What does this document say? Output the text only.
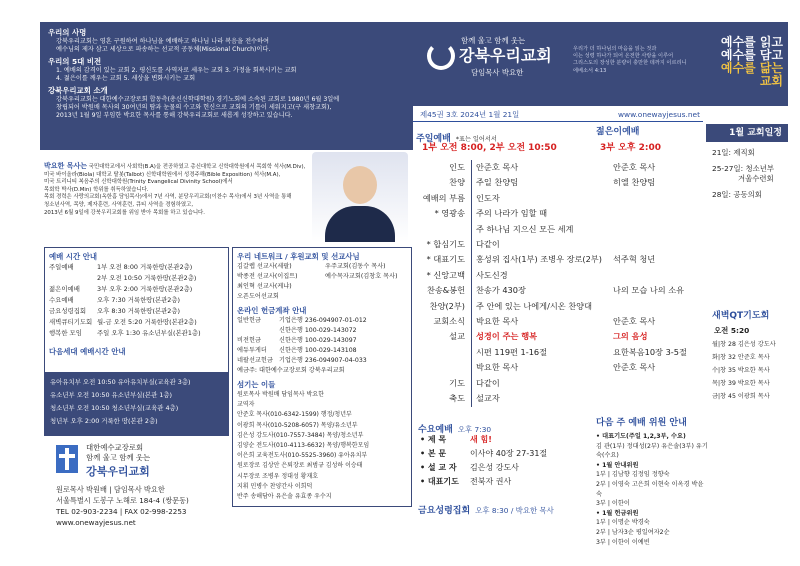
우리의 사명
강북우리교회는 영혼 구원하여 하나님을 예배하고 하나님 나라 복음을 전수하여
예수님의 제자 삼고 세상으로 파송하는 선교적 공동체(Missional Church)이다.
우리의 5대 비전
1. 예배의 감격이 있는 교회 2. 평신도를 사역자로 세우는 교회 3. 가정을 회복시키는 교회
4. 젊은이를 깨우는 교회 5. 세상을 변화시키는 교회
강북우리교회 소개
강북우리교회는 대한예수교장로회 합동측(총신신학대학원) 경기노회에 소속된 교회로 1980년 6월 3일에
창립되어 박원배 목사의 30여년의 땀과 눈물의 수고와 헌신으로 교회의 기틀이 세워지고(구 새창교회),
2013년 1월 9일 부임한 박요한 목사를 통해 강북우리교회로 새롭게 성장하고 있습니다.
함께 울고 함께 웃는
강북우리교회
담임목사 박요한
우리가 더 하나님의 마음을 읽는 것과
이는 성령 하나가 되어 온전한 사랑을 이루어
그리스도의 장성한 분량이 충만한 데까지 이르리니
에베소서 4:13
예수를 읽고
예수를 담고
예수를 닮는
교회
제45권 3호 2024년 1월 21일	www.onewayjesus.net
1월 교회일정
21일: 제직회
25-27일: 청소년부
겨울수련회
28일: 공동의회
박요한 목사는 국민대학교에서 사회학(B.A)을 전공하였고 총신대학교 신학대학원에서 목회학 석사(M.Div),
미국 바이올라(Biola) 대학교 탈봇(Talbot) 신학대학원에서 성경주해(Bible Exposition) 석사(M.A),
미국 트리니티 복음주의 신학대학원(Trinity Evangelical Divinity School)에서
목회학 박사(D.Min) 학위를 취득하였습니다.
목회 경력은 사랑의교회(옥한흠 담임목사)에서 7년 사역, 분당우리교회(이찬수 목사)에서 3년 사역을 통해
청소년사역, 목양, 제자훈련, 사역훈련, 큐티 사역을 경험하였고,
2013년 6월 9일에 강북우리교회를 위임 받아 목회를 하고 있습니다.
예배 시간 안내
주일예배	1부 오전 8:00 거룩한땅(본관2층)
2부 오전 10:50 거룩한땅(본관2층)
젊은이예배	3부 오후 2:00 거룩한땅(본관2층)
수요예배	오후 7:30 거룩한땅(본관2층)
금요성령집회	오후 8:30 거룩한땅(본관2층)
새벽큐티기도회 월-금 오전 5:20 거룩한땅(본관2층)
행복한 모임	주일 오후 1:30 유소년부실(본관1층)
다음세대 예배시간 안내
유아유치부 오전 10:50 유아유치부실(교육관 3층)
유소년부 오전 10:50 유소년부실(본관 1층)
청소년부 오전 10:50 청소년부실(교육관 4층)
청년부 오후 2:00 거룩한 땅(본관 2층)
대한예수교장로회
함께 울고 함께 웃는
강북우리교회
원로목사 박원배 | 담임목사 박요한
서울특별시 도봉구 노해로 184-4 (쌍문동)
TEL 02-903-2234 | FAX 02-998-2253
www.onewayjesus.net
우리 네트워크 / 후원교회 및 선교사님
김갈렙 선교사(세팔)	우주교회(김동수 목사)
박종전 선교사(이집트)	예수목자교회(김창호 목사)
최인혁 선교사(케냐)
오픈도어선교회
온라인 헌금계좌 안내
일반헌금	기업은행 236-094907-01-012
신한은행 100-029-143072
비전헌금	신한은행 100-029-143097
에듀투게더	신한은행 100-029-143108
네팔선교헌금 기업은행 236-094907-04-033
예금주: 대한예수교장로회 강북우리교회
섬기는 이들
원로목사 박원배 담임목사 박요한
교역자
안준호 목사(010-6342-1599) 행정/청년부
이광희 목사(010-5208-6057) 목양/유소년부
김은성 강도사(010-7557-3484) 목양/청소년부
김양순 전도사(010-4113-6632) 목양/행복한모임
이은희 교육전도사(010-5525-3960) 유아유치부
원로장로 김상안 은퇴장로 최범규 김성하 이승태
시무장로 조병우 정대성 황재호
지휘 민병수 찬양간사 이희덕
반주 송해담아 유은솔 유효종 우수지
주일예배 *표는 일어서서
1부 오전 8:00, 2부 오전 10:50
젊은이예배
3부 오후 2:00
인도	안준호 목사	안준호 목사
찬양	주일 찬양팀	히엘 찬양팀
예배의 부름	인도자
* 영광송	주의 나라가 임할 때
주 하나님 지으신 모든 세계
* 합심기도	다같이
* 대표기도	홍성위 집사(1부) 조병우 장로(2부)	석주혁 청년
* 신앙고백	사도신경
찬송&봉헌	찬송가 430장	나의 모습 나의 소유
찬양(2부)	주 안에 있는 나에게/시온 찬양대
교회소식	박요한 목사	안준호 목사
설교	성경이 주는 행복	그의 음성
시편 119편 1-16절	요한복음10장 3-5절
박요한 목사	안준호 목사
기도	다같이
축도	설교자
수요예배 오후 7:30
• 제 목	새 힘!
• 본 문	이사야 40장 27-31절
• 설 교 자	김은성 강도사
• 대표기도	전북자 권사
금요성령집회 오후 8:30 / 박요한 목사
다음 주 예배 위원 안내
• 대표기도(주일 1,2,3부, 수요)
김 관(1부) 정대성(2부) 유은솔(3부) 유기숙(수요)
• 1월 안내위원
1부 | 김남향 김정임 정향숙
2부 | 이영숙 고은희 이현숙 이옥경 박윤숙
3부 | 이한이
• 1월 헌금위원
1부 | 이명순 박경숙
2부 | 남자3순 평일여자2순
3부 | 이한이 이예빈
새벽QT기도회
오전 5:20
월|창 28 김은성 강도사
화|창 32 안준호 목사
수|창 35 박요한 목사
목|창 39 박요한 목사
금|창 45 이광희 목사
